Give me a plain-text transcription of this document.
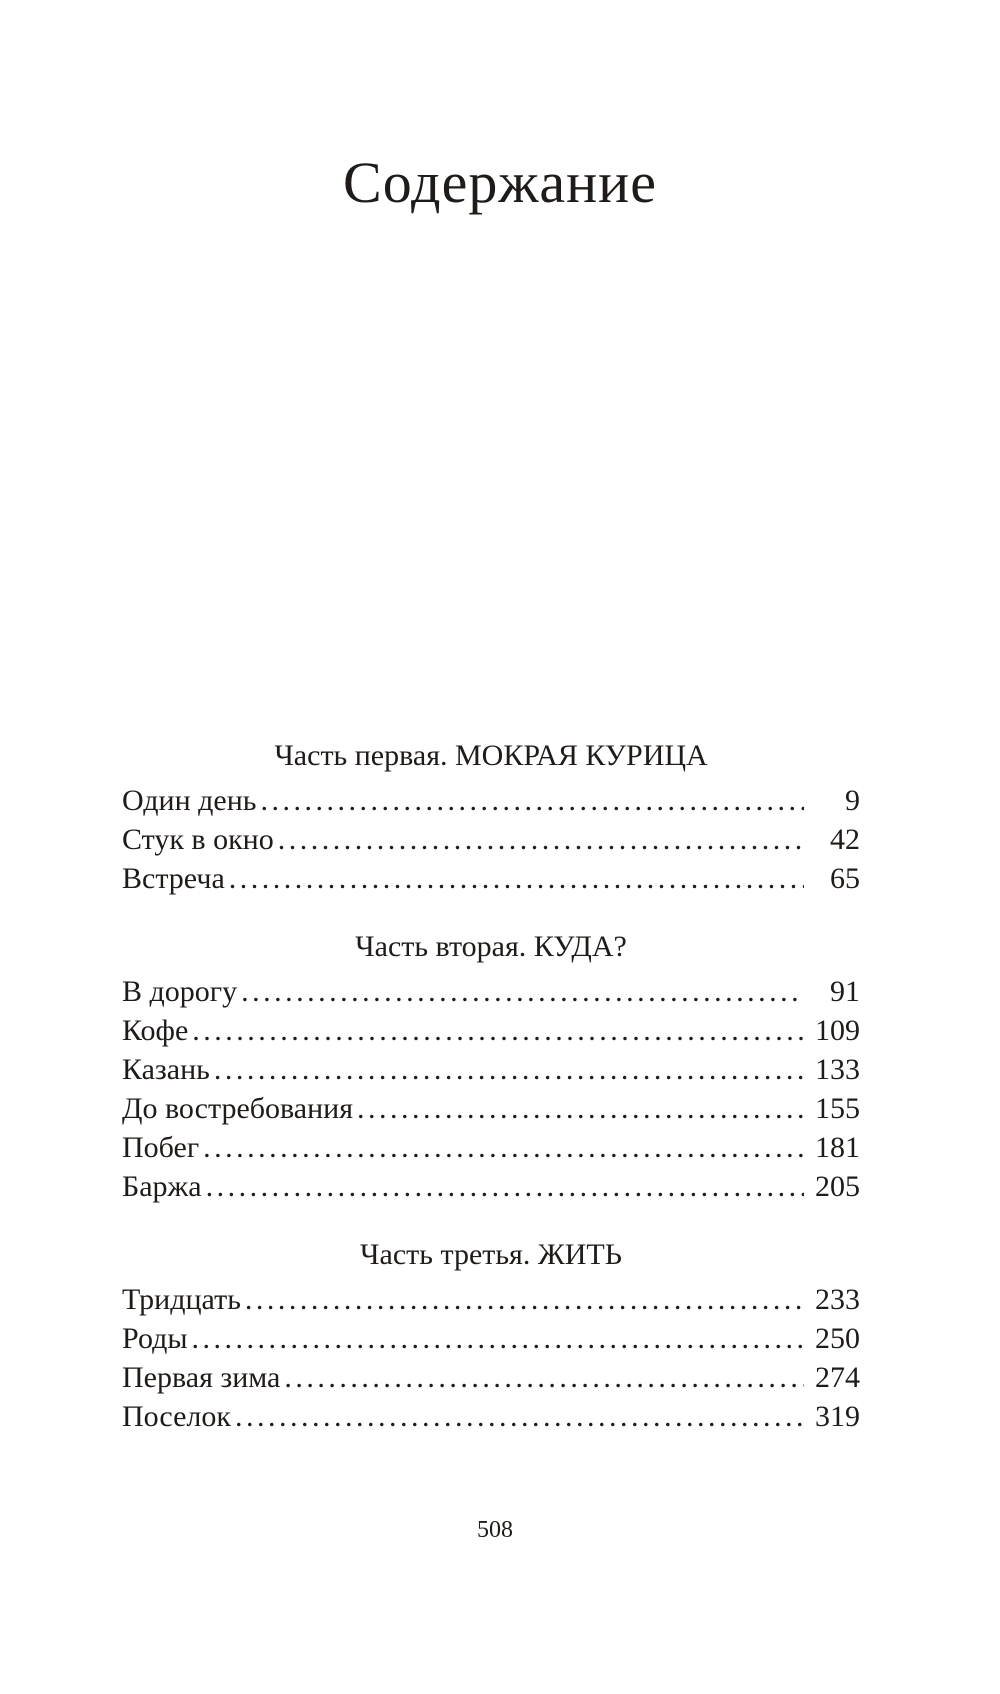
Содержание
Часть первая. МОКРАЯ КУРИЦА
Один день . . .	9
Стук в окно . . .	42
Встреча . . .	65
Часть вторая. КУДА?
В дорогу . . .	91
Кофе . . .	109
Казань . . .	133
До востребования . . .	155
Побег . . .	181
Баржа . . .	205
Часть третья. ЖИТЬ
Тридцать . . .	233
Роды . . .	250
Первая зима . . .	274
Поселок . . .	319
508
